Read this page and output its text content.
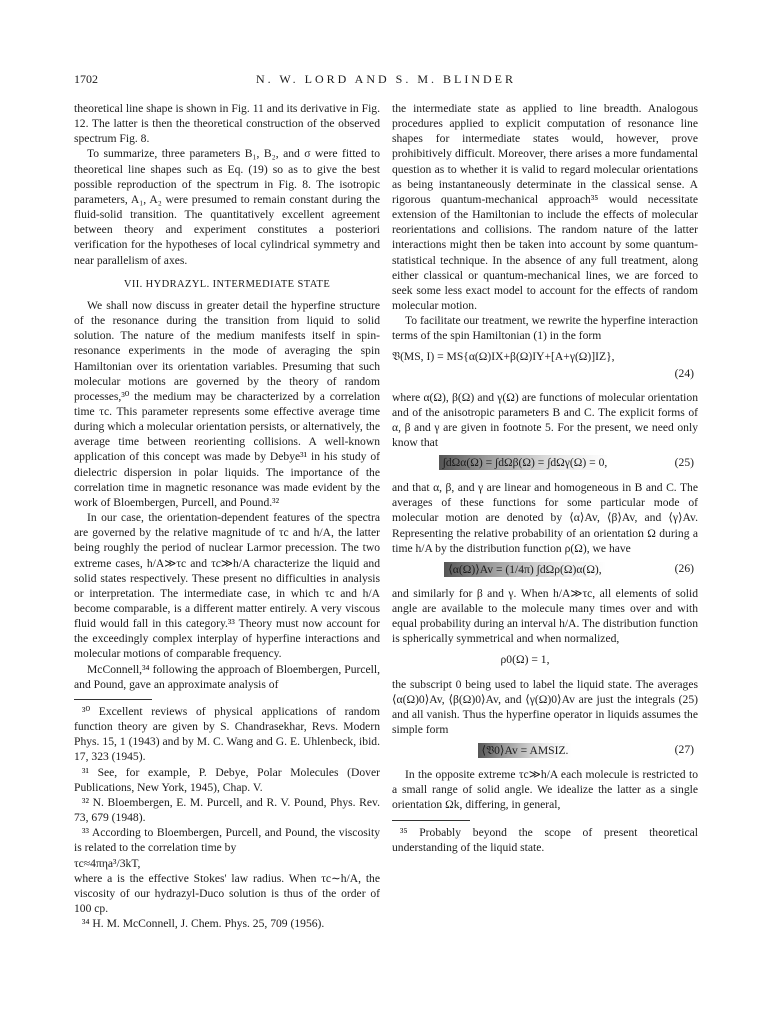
1702	N. W. LORD AND S. M. BLINDER

theoretical line shape is shown in Fig. 11 and its derivative in Fig. 12. The latter is then the theoretical construction of the observed spectrum Fig. 8.

To summarize, three parameters B₁, B₂, and σ were fitted to theoretical line shapes such as Eq. (19) so as to give the best possible reproduction of the spectrum in Fig. 8. The isotropic parameters, A₁, A₂ were presumed to remain constant during the fluid-solid transition. The quantitatively excellent agreement between theory and experiment constitutes a posteriori verification for the hypotheses of local cylindrical symmetry and near parallelism of axes.

VII. HYDRAZYL. INTERMEDIATE STATE

We shall now discuss in greater detail the hyperfine structure of the resonance during the transition from liquid to solid solution. The nature of the medium manifests itself in spin-resonance experiments in the mode of averaging the spin Hamiltonian over its orientation variables. Presuming that such molecular motions are governed by the theory of random processes,³⁰ the medium may be characterized by a correlation time τc. This parameter represents some effective average time during which a molecular orientation persists, or alternatively, the average time between reorienting collisions. A well-known application of this concept was made by Debye³¹ in his study of dielectric dispersion in polar liquids. The importance of the correlation time in magnetic resonance was made evident by the work of Bloembergen, Purcell, and Pound.³²

In our case, the orientation-dependent features of the spectra are governed by the relative magnitude of τc and h/A, the latter being roughly the period of nuclear Larmor precession. The two extreme cases, h/A≫τc and τc≫h/A characterize the liquid and solid states respectively. These present no difficulties in analysis or interpretation. The intermediate case, in which τc and h/A become comparable, is a different matter entirely. A very viscous fluid would fall in this category.³³ Theory must now account for the exceedingly complex interplay of hyperfine interactions and molecular motions of comparable frequency.

McConnell,³⁴ following the approach of Bloembergen, Purcell, and Pound, gave an approximate analysis of

³⁰ Excellent reviews of physical applications of random function theory are given by S. Chandrasekhar, Revs. Modern Phys. 15, 1 (1943) and by M. C. Wang and G. E. Uhlenbeck, ibid. 17, 323 (1945).

³¹ See, for example, P. Debye, Polar Molecules (Dover Publications, New York, 1945), Chap. V.

³² N. Bloembergen, E. M. Purcell, and R. V. Pound, Phys. Rev. 73, 679 (1948).

³³ According to Bloembergen, Purcell, and Pound, the viscosity is related to the correlation time by

τc≈4πηa³/3kT,

where a is the effective Stokes' law radius. When τc∼h/A, the viscosity of our hydrazyl-Duco solution is thus of the order of 100 cp.

³⁴ H. M. McConnell, J. Chem. Phys. 25, 709 (1956).

the intermediate state as applied to line breadth. Analogous procedures applied to explicit computation of resonance line shapes for intermediate states would, however, prove prohibitively difficult. Moreover, there arises a more fundamental question as to whether it is valid to regard molecular orientations as being instantaneously determinate in the classical sense. A rigorous quantum-mechanical approach³⁵ would necessitate extension of the Hamiltonian to include the effects of molecular reorientations and collisions. The random nature of the latter interactions might then be taken into account by some quantum-statistical technique. In the absence of any full treatment, along either classical or quantum-mechanical lines, we are forced to seek some less exact model to account for the effects of random molecular motion.

To facilitate our treatment, we rewrite the hyperfine interaction terms of the spin Hamiltonian (1) in the form

𝔙(MS, I) = MS{α(Ω)IX+β(Ω)IY+[A+γ(Ω)]IZ},
(24)

where α(Ω), β(Ω) and γ(Ω) are functions of molecular orientation and of the anisotropic parameters B and C. The explicit forms of α, β and γ are given in footnote 5. For the present, we need only know that

∫dΩα(Ω) = ∫dΩβ(Ω) = ∫dΩγ(Ω) = 0,	(25)

and that α, β, and γ are linear and homogeneous in B and C. The averages of these functions for some particular mode of molecular motion are denoted by ⟨α⟩Av, ⟨β⟩Av, and ⟨γ⟩Av. Representing the relative probability of an orientation Ω during a time h/A by the distribution function ρ(Ω), we have

⟨α(Ω)⟩Av = (1/4π) ∫dΩρ(Ω)α(Ω),	(26)

and similarly for β and γ. When h/A≫τc, all elements of solid angle are available to the molecule many times over and with equal probability during an interval h/A. The distribution function is spherically symmetrical and when normalized,

ρ0(Ω) = 1,

the subscript 0 being used to label the liquid state. The averages ⟨α(Ω)0⟩Av, ⟨β(Ω)0⟩Av, and ⟨γ(Ω)0⟩Av are just the integrals (25) and all vanish. Thus the hyperfine operator in liquids assumes the simple form

⟨𝔙0⟩Av = AMSIZ.	(27)

In the opposite extreme τc≫h/A each molecule is restricted to a small range of solid angle. We idealize the latter as a single orientation Ωk, differing, in general,

³⁵ Probably beyond the scope of present theoretical understanding of the liquid state.
